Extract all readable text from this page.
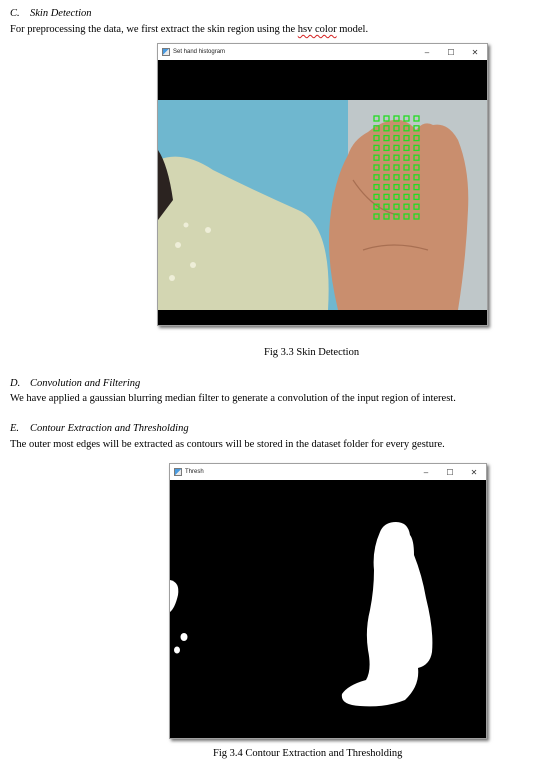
C. Skin Detection
For preprocessing the data, we first extract the skin region using the hsv color model.
Set hand histogram	–	☐	✕
Fig 3.3 Skin Detection
D. Convolution and Filtering
We have applied a gaussian blurring median filter to generate a convolution of the input region of interest.
E. Contour Extraction and Thresholding
The outer most edges will be extracted as contours will be stored in the dataset folder for every gesture.
Thresh	–	☐	✕
Fig 3.4 Contour Extraction and Thresholding
